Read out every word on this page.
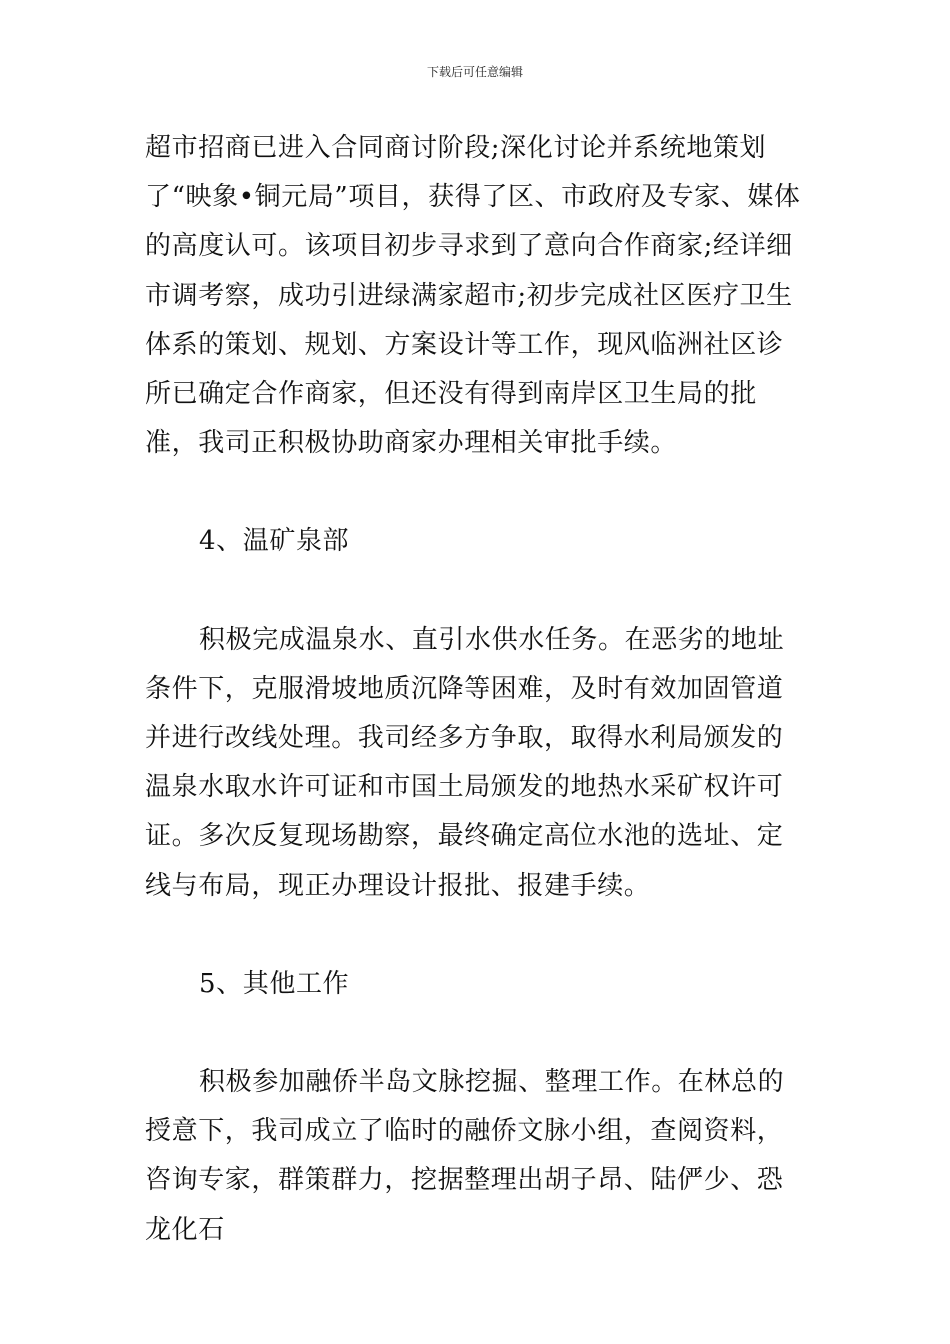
下载后可任意编辑

超市招商已进入合同商讨阶段;深化讨论并系统地策划了“映象•铜元局”项目，获得了区、市政府及专家、媒体的高度认可。该项目初步寻求到了意向合作商家;经详细市调考察，成功引进绿满家超市;初步完成社区医疗卫生体系的策划、规划、方案设计等工作，现风临洲社区诊所已确定合作商家，但还没有得到南岸区卫生局的批准，我司正积极协助商家办理相关审批手续。

4、温矿泉部

积极完成温泉水、直引水供水任务。在恶劣的地址条件下，克服滑坡地质沉降等困难，及时有效加固管道并进行改线处理。我司经多方争取，取得水利局颁发的温泉水取水许可证和市国土局颁发的地热水采矿权许可证。多次反复现场勘察，最终确定高位水池的选址、定线与布局，现正办理设计报批、报建手续。

5、其他工作

积极参加融侨半岛文脉挖掘、整理工作。在林总的授意下，我司成立了临时的融侨文脉小组，查阅资料，咨询专家，群策群力，挖据整理出胡子昂、陆俨少、恐龙化石
